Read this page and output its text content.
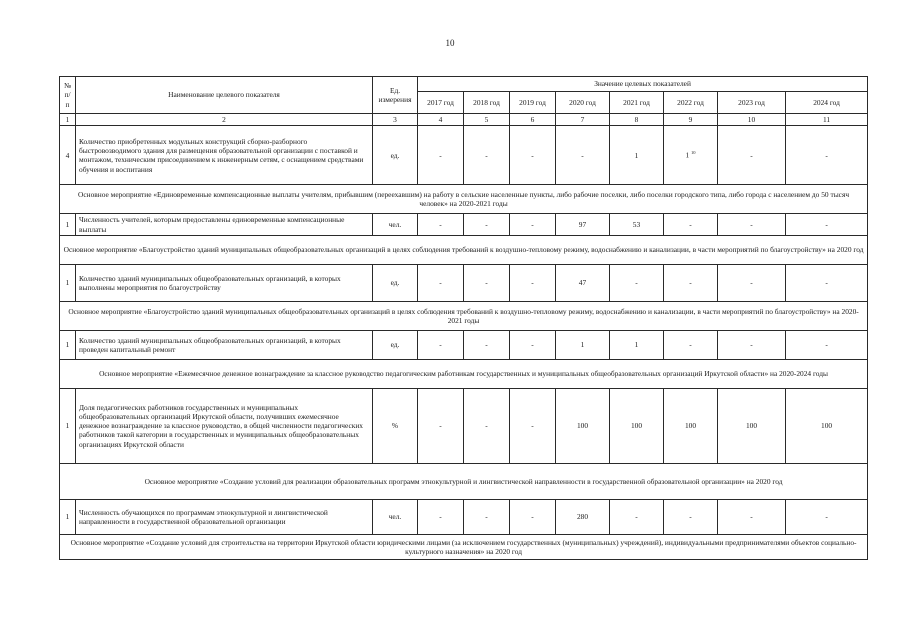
10
№ п/п	Наименование целевого показателя	Ед. измерения	Значение целевых показателей							
			2017 год	2018 год	2019 год	2020 год	2021 год	2022 год	2023 год	2024 год
1	2	3	4	5	6	7	8	9	10	11
4	Количество приобретенных модульных конструкций сборно-разборного быстровозводимого здания для размещения образовательной организации с поставкой и монтажом, техническим присоединением к инженерным сетям, с оснащением средствами обучения и воспитания	ед.	-	-	-	-	1	1 $^{10}$	-	-
Основное мероприятие «Единовременные компенсационные выплаты учителям, прибывшим (переехавшим) на работу в сельские населенные пункты, либо рабочие поселки, либо поселки городского типа, либо города с населением до 50 тысяч человек» на 2020-2021 годы										
1	Численность учителей, которым предоставлены единовременные компенсационные выплаты	чел.	-	-	-	97	53	-	-	-
Основное мероприятие «Благоустройство зданий муниципальных общеобразовательных организаций в целях соблюдения требований к воздушно-тепловому режиму, водоснабжению и канализации, в части мероприятий по благоустройству» на 2020 год										
1	Количество зданий муниципальных общеобразовательных организаций, в которых выполнены мероприятия по благоустройству	ед.	-	-	-	47	-	-	-	-
Основное мероприятие «Благоустройство зданий муниципальных общеобразовательных организаций в целях соблюдения требований к воздушно-тепловому режиму, водоснабжению и канализации, в части мероприятий по благоустройству» на 2020-2021 годы										
1	Количество зданий муниципальных общеобразовательных организаций, в которых проведен капитальный ремонт	ед.	-	-	-	1	1	-	-	-
Основное мероприятие «Ежемесячное денежное вознаграждение за классное руководство педагогическим работникам государственных и муниципальных общеобразовательных организаций Иркутской области» на 2020-2024 годы										
1	Доля педагогических работников государственных и муниципальных общеобразовательных организаций Иркутской области, получивших ежемесячное денежное вознаграждение за классное руководство, в общей численности педагогических работников такой категории в государственных и муниципальных общеобразовательных организациях Иркутской области	%	-	-	-	100	100	100	100	100
Основное мероприятие «Создание условий для реализации образовательных программ этнокультурной и лингвистической направленности в государственной образовательной организации» на 2020 год										
1	Численность обучающихся по программам этнокультурной и лингвистической направленности в государственной образовательной организации	чел.	-	-	-	280	-	-	-	-
Основное мероприятие «Создание условий для строительства на территории Иркутской области юридическими лицами (за исключением государственных (муниципальных) учреждений), индивидуальными предпринимателями объектов социально-культурного назначения» на 2020 год										
